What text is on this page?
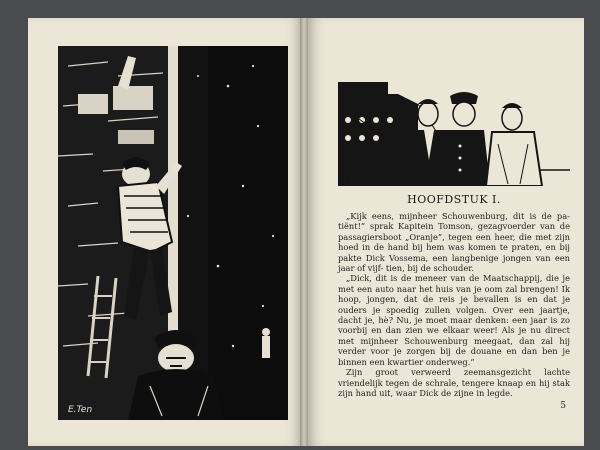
E.Ten
HOOFDSTUK I.

„Kijk eens, mijnheer Schouwenburg, dit is de pa- tiënt!” sprak Kapitein Tomson, gezagvoerder van de passagiersboot „Oranje”, tegen een heer, die met zijn hoed in de hand bij hem was komen te praten, en bij pakte Dick Vossema, een langbenige jongen van een jaar of vijf- tien, bij de schouder.

„Dick, dit is de meneer van de Maatschappij, die je met een auto naar het huis van je oom zal brengen! Ik hoop, jongen, dat de reis je bevallen is en dat je ouders je spoedig zullen volgen. Over een jaartje, dacht je, hè? Nu, je moet maar denken: een jaar is zo voorbij en dan zien we elkaar weer! Als je nu direct met mijnheer Schouwenburg meegaat, dan zal hij verder voor je zorgen bij de douane en dan ben je binnen een kwartier onderweg.”

Zijn groot verweerd zeemansgezicht lachte vriendelijk tegen de schrale, tengere knaap en hij stak zijn hand uit, waar Dick de zijne in legde.

5
